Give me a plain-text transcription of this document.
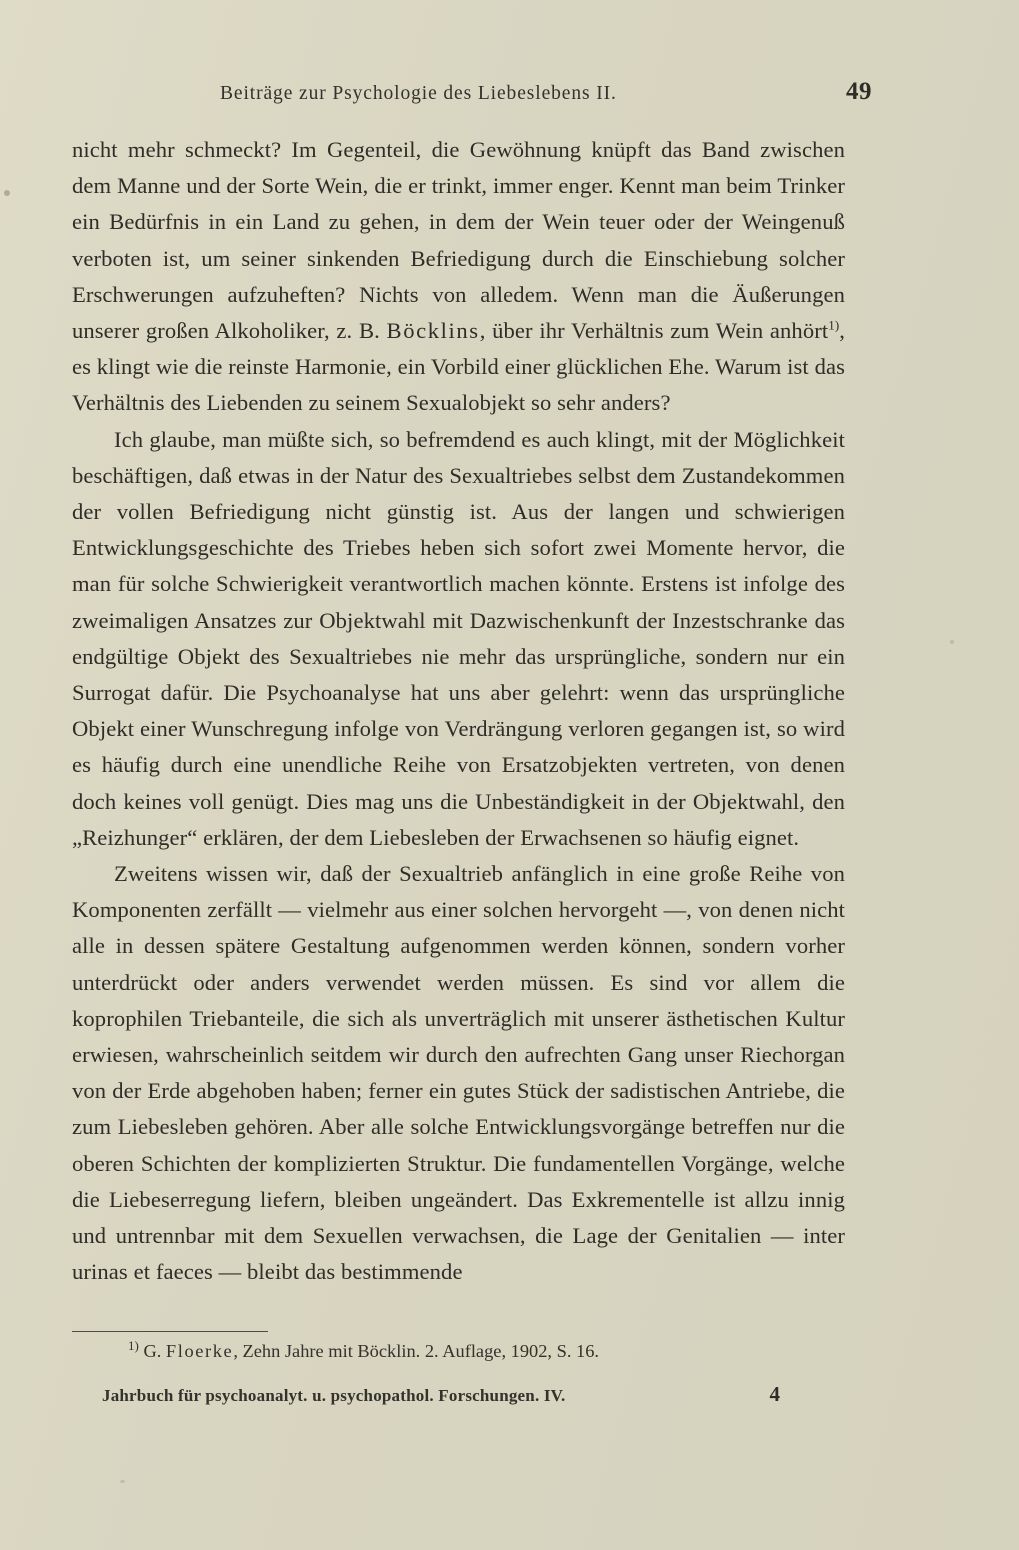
Beiträge zur Psychologie des Liebeslebens II.	49

nicht mehr schmeckt? Im Gegenteil, die Gewöhnung knüpft das Band zwischen dem Manne und der Sorte Wein, die er trinkt, immer enger. Kennt man beim Trinker ein Bedürfnis in ein Land zu gehen, in dem der Wein teuer oder der Weingenuß verboten ist, um seiner sinkenden Befriedigung durch die Einschiebung solcher Erschwerungen aufzuheften? Nichts von alledem. Wenn man die Äußerungen unserer großen Alkoholiker, z. B. Böcklins, über ihr Verhältnis zum Wein anhört$^{1)}$, es klingt wie die reinste Harmonie, ein Vorbild einer glücklichen Ehe. Warum ist das Verhältnis des Liebenden zu seinem Sexualobjekt so sehr anders?

Ich glaube, man müßte sich, so befremdend es auch klingt, mit der Möglichkeit beschäftigen, daß etwas in der Natur des Sexualtriebes selbst dem Zustandekommen der vollen Befriedigung nicht günstig ist. Aus der langen und schwierigen Entwicklungsgeschichte des Triebes heben sich sofort zwei Momente hervor, die man für solche Schwierigkeit verantwortlich machen könnte. Erstens ist infolge des zweimaligen Ansatzes zur Objektwahl mit Dazwischenkunft der Inzestschranke das endgültige Objekt des Sexualtriebes nie mehr das ursprüngliche, sondern nur ein Surrogat dafür. Die Psychoanalyse hat uns aber gelehrt: wenn das ursprüngliche Objekt einer Wunschregung infolge von Verdrängung verloren gegangen ist, so wird es häufig durch eine unendliche Reihe von Ersatzobjekten vertreten, von denen doch keines voll genügt. Dies mag uns die Unbeständigkeit in der Objektwahl, den „Reizhunger“ erklären, der dem Liebesleben der Erwachsenen so häufig eignet.

Zweitens wissen wir, daß der Sexualtrieb anfänglich in eine große Reihe von Komponenten zerfällt — vielmehr aus einer solchen hervorgeht —, von denen nicht alle in dessen spätere Gestaltung aufgenommen werden können, sondern vorher unterdrückt oder anders verwendet werden müssen. Es sind vor allem die koprophilen Triebanteile, die sich als unverträglich mit unserer ästhetischen Kultur erwiesen, wahrscheinlich seitdem wir durch den aufrechten Gang unser Riechorgan von der Erde abgehoben haben; ferner ein gutes Stück der sadistischen Antriebe, die zum Liebesleben gehören. Aber alle solche Entwicklungsvorgänge betreffen nur die oberen Schichten der komplizierten Struktur. Die fundamentellen Vorgänge, welche die Liebeserregung liefern, bleiben ungeändert. Das Exkrementelle ist allzu innig und untrennbar mit dem Sexuellen verwachsen, die Lage der Genitalien — inter urinas et faeces — bleibt das bestimmende

$^{1)}$ G. Floerke, Zehn Jahre mit Böcklin. 2. Auflage, 1902, S. 16.
Jahrbuch für psychoanalyt. u. psychopathol. Forschungen. IV.	4
